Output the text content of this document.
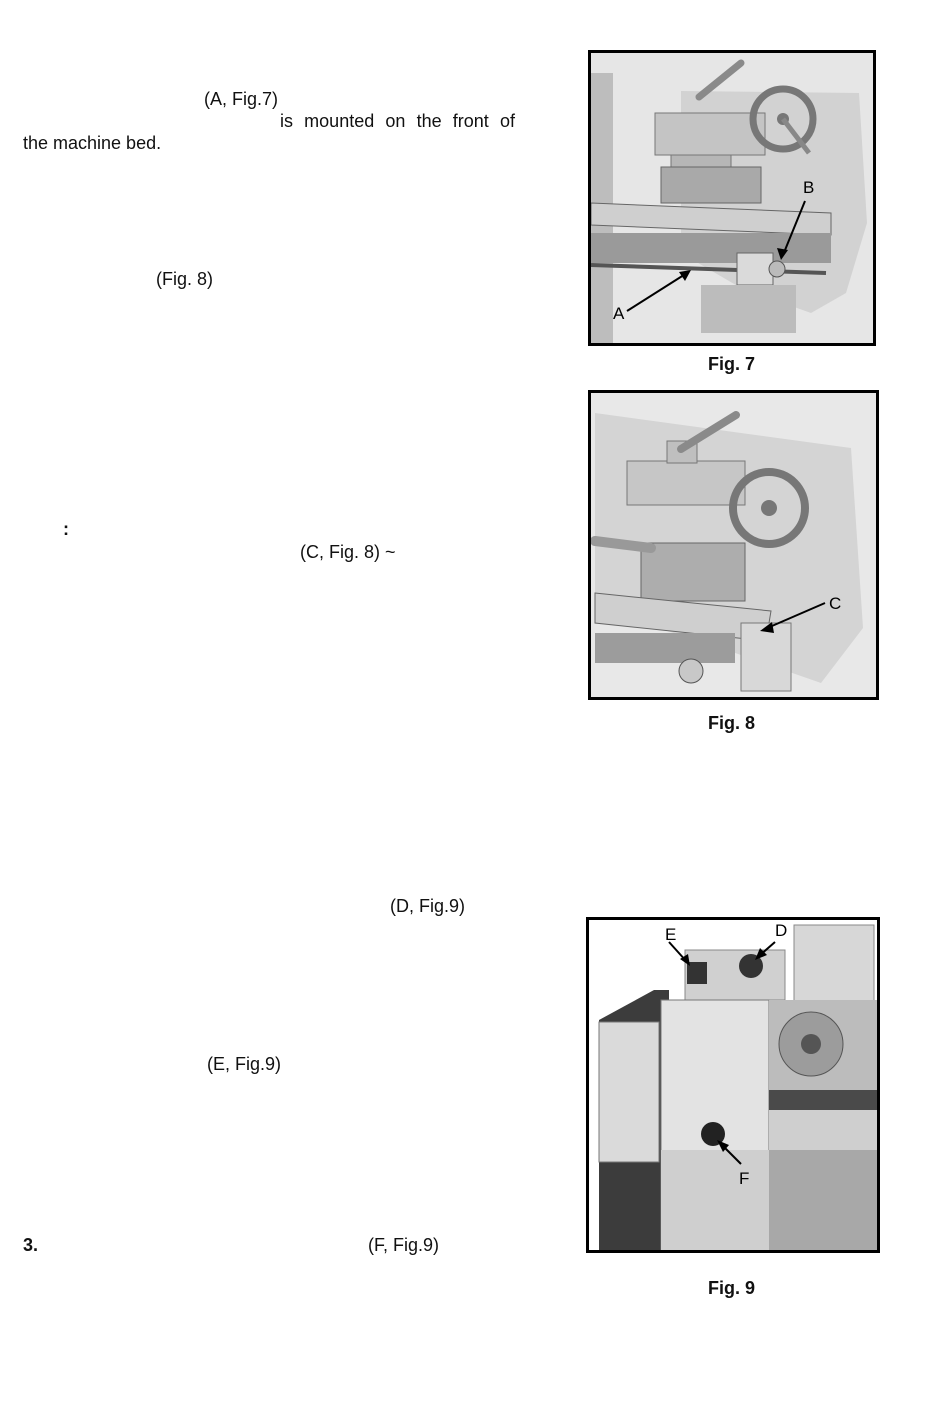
(A, Fig.7)
is mounted on the front of
the machine bed.
(Fig. 8)
:
(C, Fig. 8) ~
(D, Fig.9)
(E, Fig.9)
3.	(F, Fig.9)
A
B
Fig. 7
C
Fig. 8
E	D
F
Fig. 9
